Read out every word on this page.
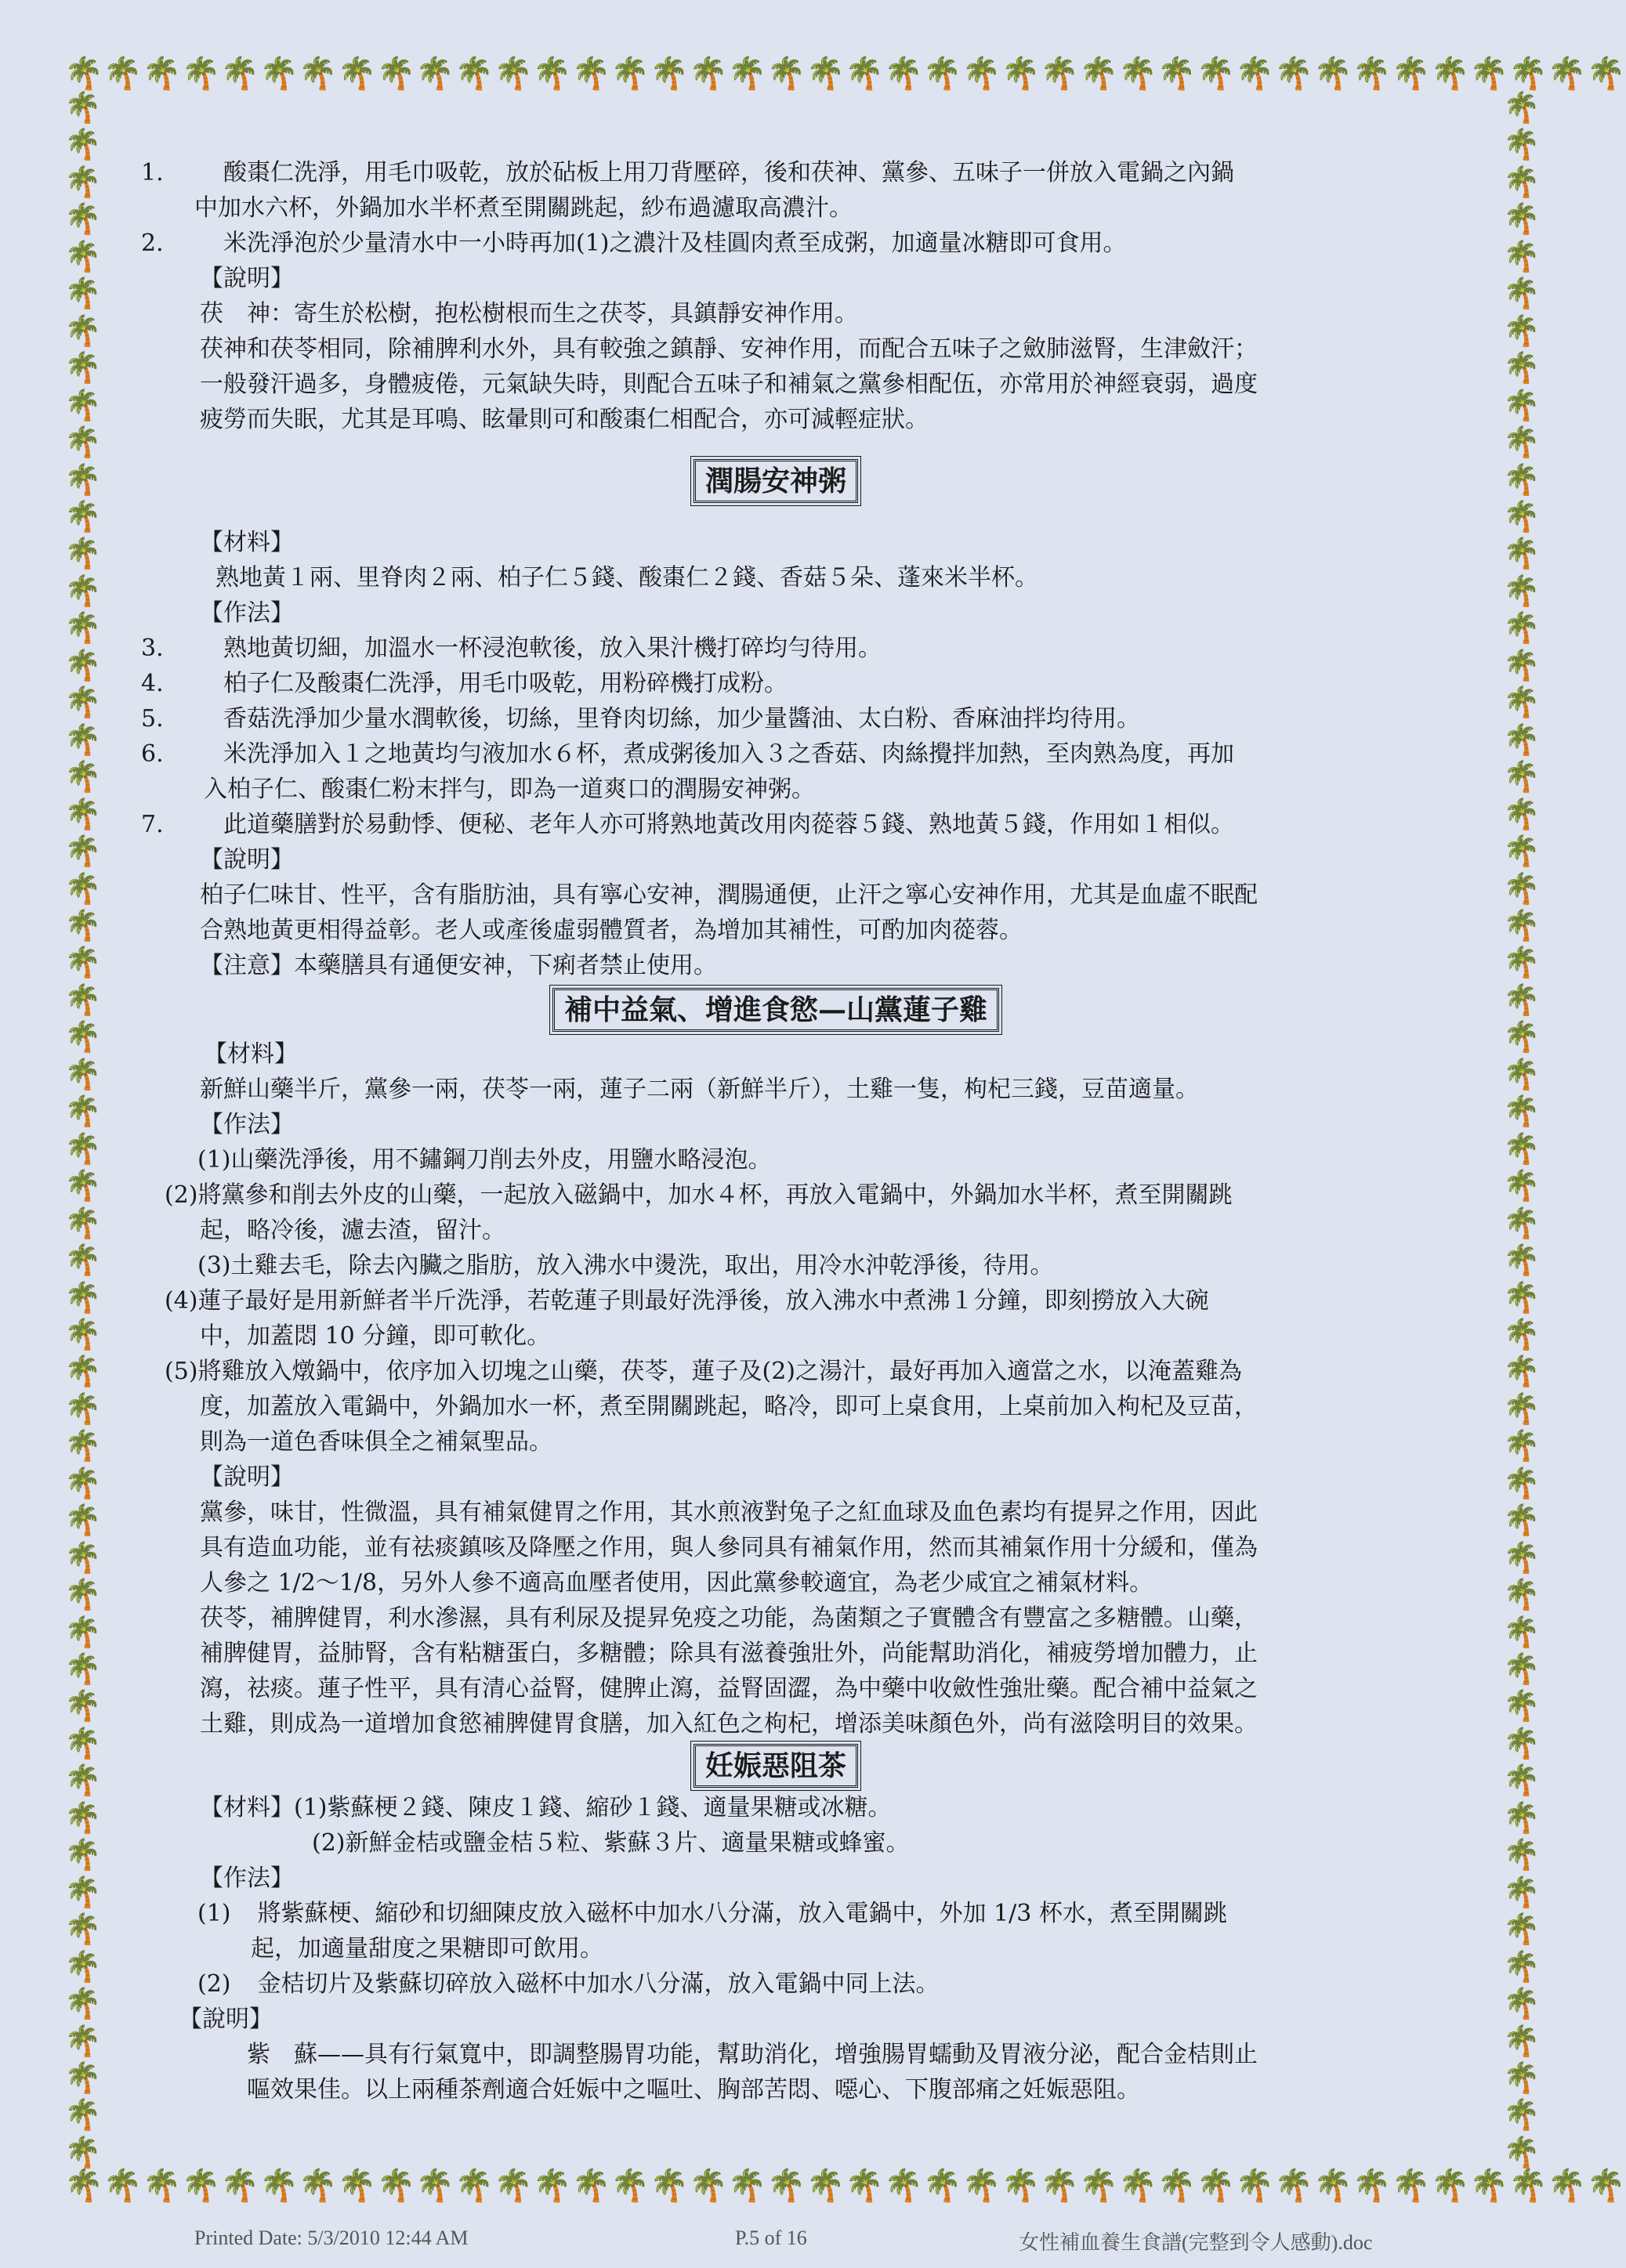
🌴 🌴 🌴 🌴 🌴 🌴 🌴 🌴 🌴 🌴 🌴 🌴 🌴 🌴 🌴 🌴 🌴 🌴 🌴 🌴 🌴 🌴 🌴 🌴 🌴 🌴 🌴 🌴 🌴 🌴 🌴 🌴 🌴 🌴 🌴 🌴 🌴 🌴 🌴 🌴
🌴 🌴 🌴 🌴 🌴 🌴 🌴 🌴 🌴 🌴 🌴 🌴 🌴 🌴 🌴 🌴 🌴 🌴 🌴 🌴 🌴 🌴 🌴 🌴 🌴 🌴 🌴 🌴 🌴 🌴 🌴 🌴 🌴 🌴 🌴 🌴 🌴 🌴 🌴 🌴
🌴
🌴
🌴
🌴
🌴
🌴
🌴
🌴
🌴
🌴
🌴
🌴
🌴
🌴
🌴
🌴
🌴
🌴
🌴
🌴
🌴
🌴
🌴
🌴
🌴
🌴
🌴
🌴
🌴
🌴
🌴
🌴
🌴
🌴
🌴
🌴
🌴
🌴
🌴
🌴
🌴
🌴
🌴
🌴
🌴
🌴
🌴
🌴
🌴
🌴
🌴
🌴
🌴
🌴
🌴
🌴
🌴
🌴
🌴
🌴
🌴
🌴
🌴
🌴
🌴
🌴
🌴
🌴
🌴
🌴
🌴
🌴
🌴
🌴
🌴
🌴
🌴
🌴
🌴
🌴
🌴
🌴
🌴
🌴
🌴
🌴
🌴
🌴
🌴
🌴
🌴
🌴
🌴
🌴
🌴
🌴
🌴
🌴
🌴
🌴
🌴
🌴
🌴
🌴
🌴
🌴
🌴
🌴
🌴
🌴
🌴
🌴
1.	酸棗仁洗淨，用毛巾吸乾，放於砧板上用刀背壓碎，後和茯神、黨參、五味子一併放入電鍋之內鍋
中加水六杯，外鍋加水半杯煮至開關跳起，紗布過濾取高濃汁。
2.	米洗淨泡於少量清水中一小時再加(1)之濃汁及桂圓肉煮至成粥，加適量冰糖即可食用。
【說明】
茯　神：寄生於松樹，抱松樹根而生之茯苓，具鎮靜安神作用。
茯神和茯苓相同，除補脾利水外，具有較強之鎮靜、安神作用，而配合五味子之斂肺滋腎，生津斂汗；
一般發汗過多，身體疲倦，元氣缺失時，則配合五味子和補氣之黨參相配伍，亦常用於神經衰弱，過度
疲勞而失眠，尤其是耳鳴、眩暈則可和酸棗仁相配合，亦可減輕症狀。
潤腸安神粥
【材料】
熟地黃１兩、里脊肉２兩、柏子仁５錢、酸棗仁２錢、香菇５朵、蓬來米半杯。
【作法】
3.	熟地黃切細，加溫水一杯浸泡軟後，放入果汁機打碎均勻待用。
4.	柏子仁及酸棗仁洗淨，用毛巾吸乾，用粉碎機打成粉。
5.	香菇洗淨加少量水潤軟後，切絲，里脊肉切絲，加少量醬油、太白粉、香麻油拌均待用。
6.	米洗淨加入１之地黃均勻液加水６杯，煮成粥後加入３之香菇、肉絲攪拌加熱，至肉熟為度，再加
入柏子仁、酸棗仁粉末拌勻，即為一道爽口的潤腸安神粥。
7.	此道藥膳對於易動悸、便秘、老年人亦可將熟地黃改用肉蓯蓉５錢、熟地黃５錢，作用如１相似。
【說明】
柏子仁味甘、性平，含有脂肪油，具有寧心安神，潤腸通便，止汗之寧心安神作用，尤其是血虛不眠配
合熟地黃更相得益彰。老人或產後虛弱體質者，為增加其補性，可酌加肉蓯蓉。
【注意】本藥膳具有通便安神，下痢者禁止使用。
補中益氣、增進食慾—山黨蓮子雞
【材料】
新鮮山藥半斤，黨參一兩，茯苓一兩，蓮子二兩（新鮮半斤），土雞一隻，枸杞三錢，豆苗適量。
【作法】
(1)山藥洗淨後，用不鏽鋼刀削去外皮，用鹽水略浸泡。
(2)將黨參和削去外皮的山藥，一起放入磁鍋中，加水４杯，再放入電鍋中，外鍋加水半杯，煮至開關跳
起，略冷後，濾去渣，留汁。
(3)土雞去毛，除去內臟之脂肪，放入沸水中燙洗，取出，用冷水沖乾淨後，待用。
(4)蓮子最好是用新鮮者半斤洗淨，若乾蓮子則最好洗淨後，放入沸水中煮沸１分鐘，即刻撈放入大碗
中，加蓋悶 10 分鐘，即可軟化。
(5)將雞放入燉鍋中，依序加入切塊之山藥，茯苓，蓮子及(2)之湯汁，最好再加入適當之水，以淹蓋雞為
度，加蓋放入電鍋中，外鍋加水一杯，煮至開關跳起，略冷，即可上桌食用，上桌前加入枸杞及豆苗，
則為一道色香味俱全之補氣聖品。
【說明】
黨參，味甘，性微溫，具有補氣健胃之作用，其水煎液對兔子之紅血球及血色素均有提昇之作用，因此
具有造血功能，並有祛痰鎮咳及降壓之作用，與人參同具有補氣作用，然而其補氣作用十分緩和，僅為
人參之 1/2～1/8，另外人參不適高血壓者使用，因此黨參較適宜，為老少咸宜之補氣材料。
茯苓，補脾健胃，利水滲濕，具有利尿及提昇免疫之功能，為菌類之子實體含有豐富之多糖體。山藥，
補脾健胃，益肺腎，含有粘糖蛋白，多糖體；除具有滋養強壯外，尚能幫助消化，補疲勞增加體力，止
瀉，祛痰。蓮子性平，具有清心益腎，健脾止瀉，益腎固澀，為中藥中收斂性強壯藥。配合補中益氣之
土雞，則成為一道增加食慾補脾健胃食膳，加入紅色之枸杞，增添美味顏色外，尚有滋陰明目的效果。
妊娠惡阻茶
【材料】(1)紫蘇梗２錢、陳皮１錢、縮砂１錢、適量果糖或冰糖。
(2)新鮮金桔或鹽金桔５粒、紫蘇３片、適量果糖或蜂蜜。
【作法】
(1) 將紫蘇梗、縮砂和切細陳皮放入磁杯中加水八分滿，放入電鍋中，外加 1/3 杯水，煮至開關跳
起，加適量甜度之果糖即可飲用。
(2) 金桔切片及紫蘇切碎放入磁杯中加水八分滿，放入電鍋中同上法。
【說明】
紫　蘇——具有行氣寬中，即調整腸胃功能，幫助消化，增強腸胃蠕動及胃液分泌，配合金桔則止
嘔效果佳。以上兩種茶劑適合妊娠中之嘔吐、胸部苦悶、噁心、下腹部痛之妊娠惡阻。
Printed Date: 5/3/2010 12:44 AM	P.5 of 16	女性補血養生食譜(完整到令人感動).doc
